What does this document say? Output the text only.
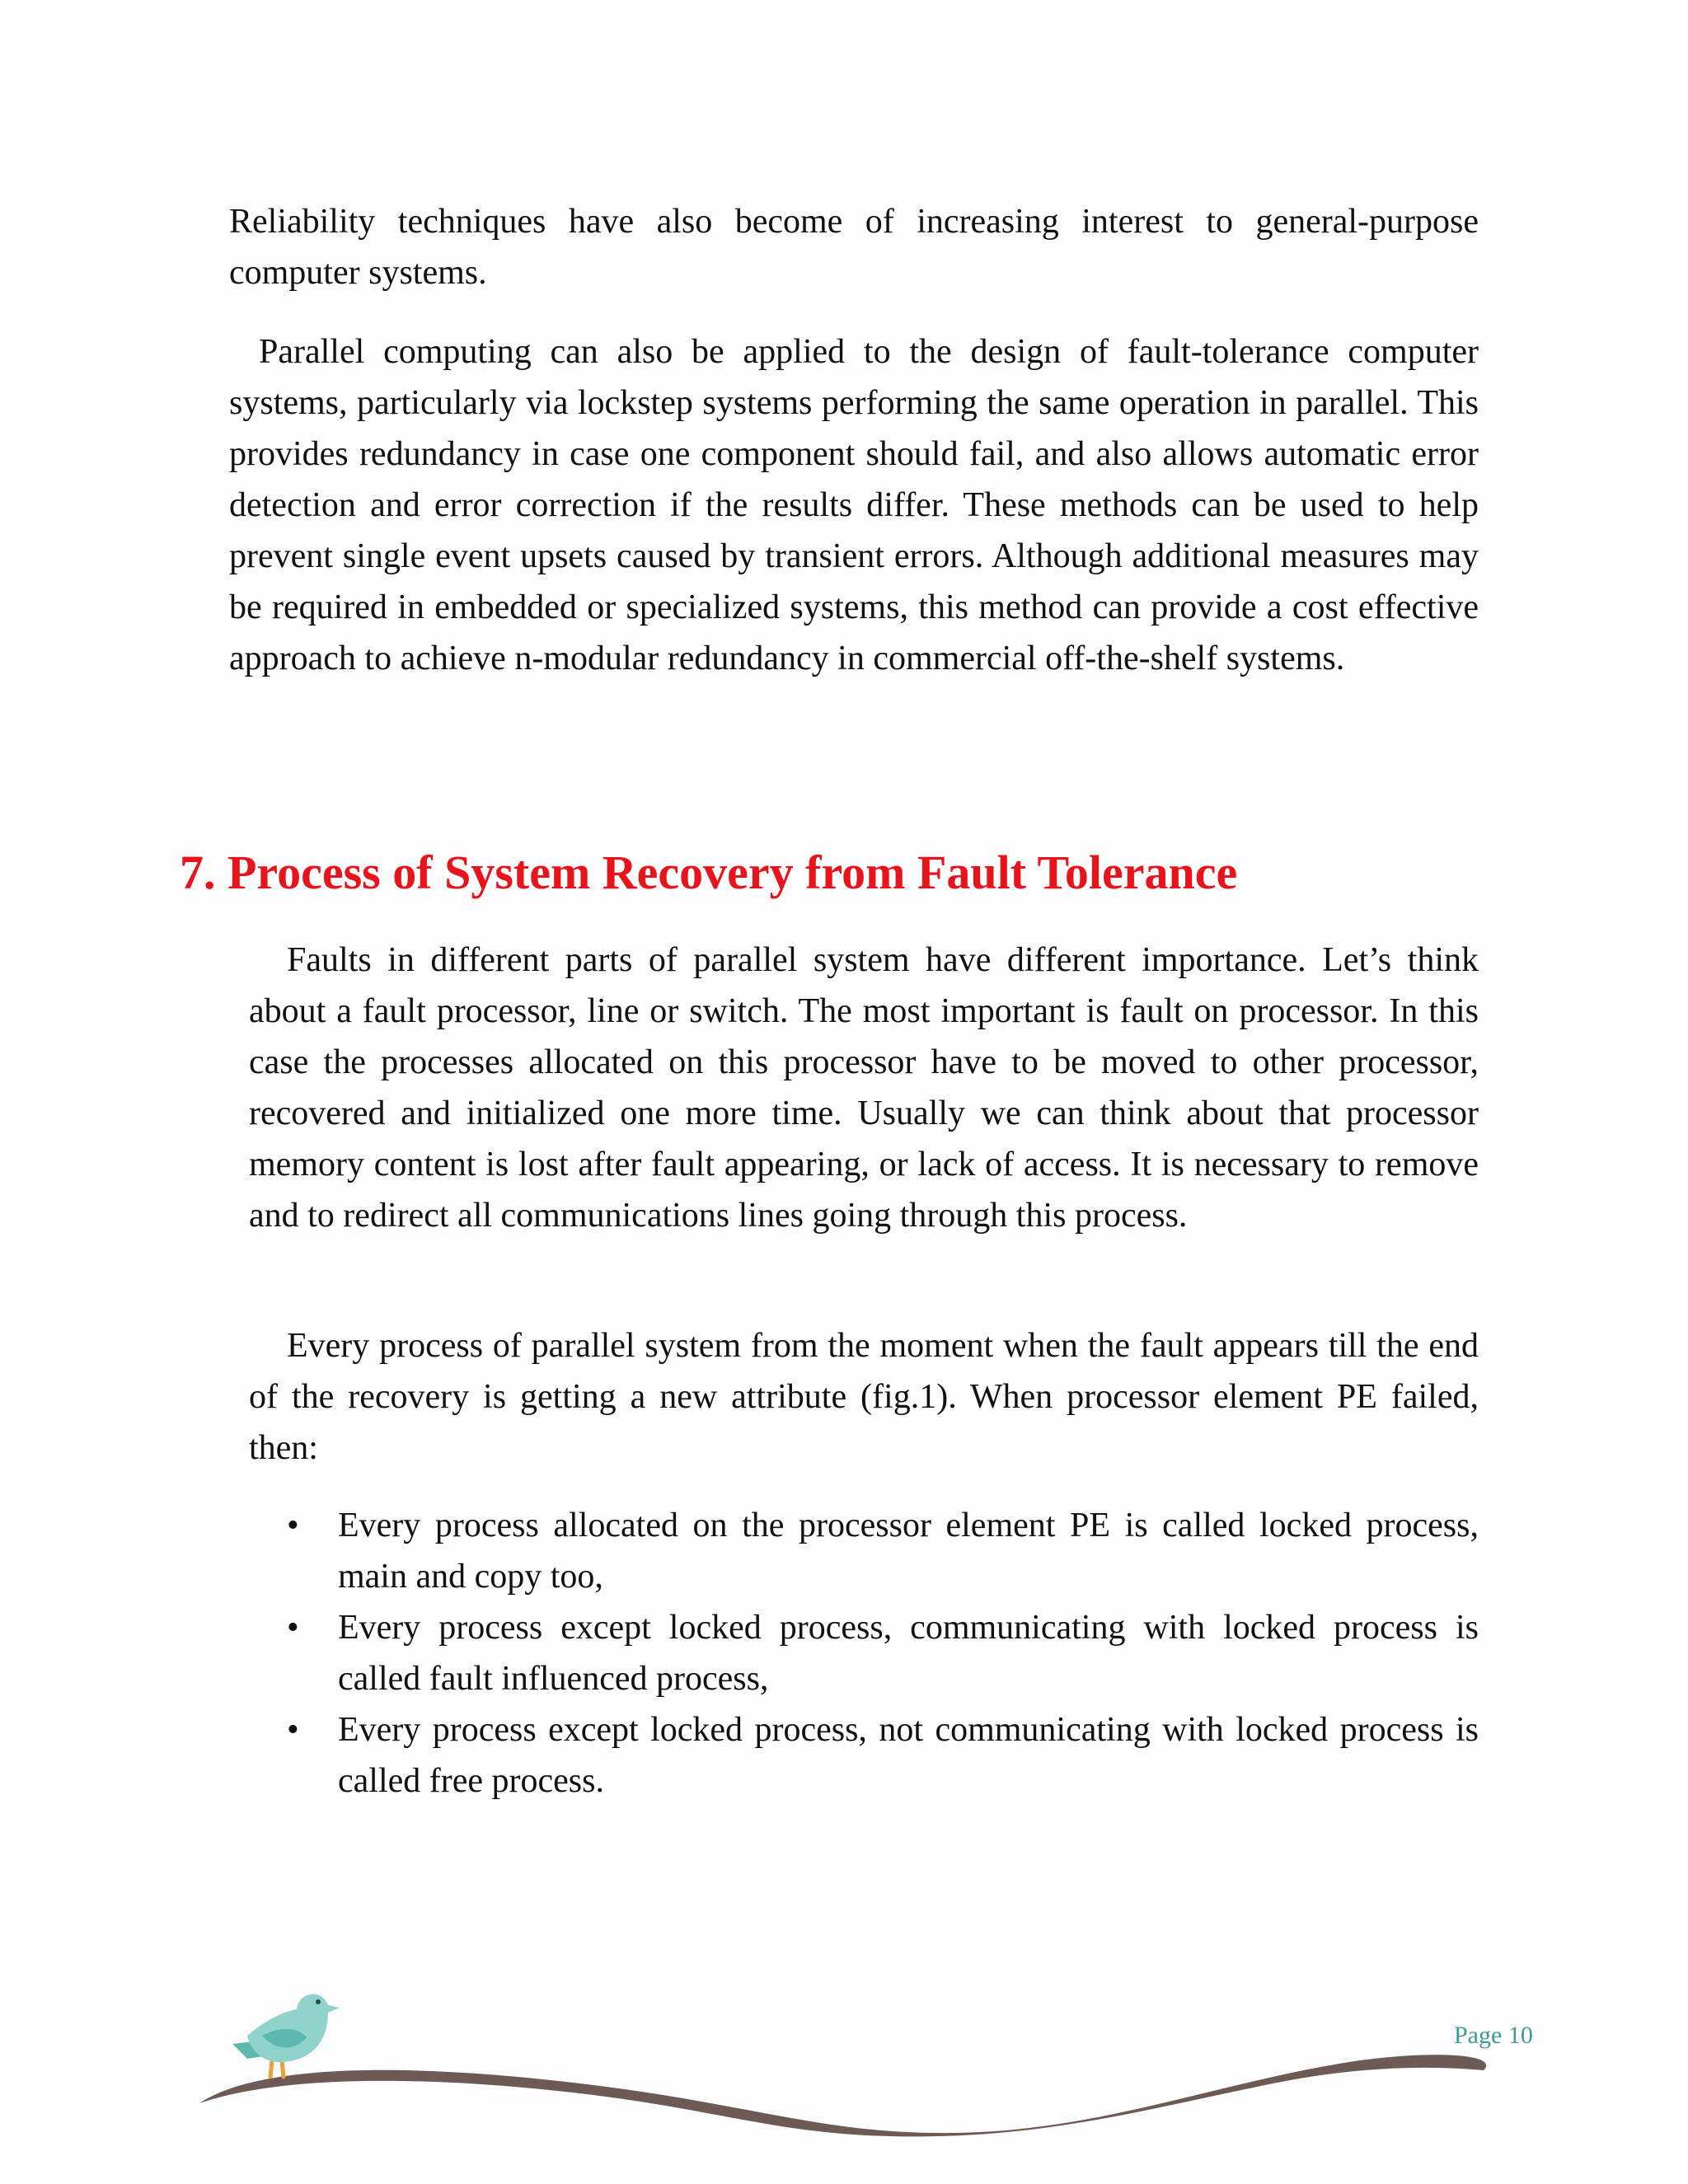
Reliability techniques have also become of increasing interest to general-purpose computer systems.

Parallel computing can also be applied to the design of fault-tolerance computer systems, particularly via lockstep systems performing the same operation in parallel. This provides redundancy in case one component should fail, and also allows automatic error detection and error correction if the results differ. These methods can be used to help prevent single event upsets caused by transient errors. Although additional measures may be required in embedded or specialized systems, this method can provide a cost effective approach to achieve n-modular redundancy in commercial off-the-shelf systems.

7. Process of System Recovery from Fault Tolerance

Faults in different parts of parallel system have different importance. Let’s think about a fault processor, line or switch. The most important is fault on processor. In this case the processes allocated on this processor have to be moved to other processor, recovered and initialized one more time. Usually we can think about that processor memory content is lost after fault appearing, or lack of access. It is necessary to remove and to redirect all communications lines going through this process.

Every process of parallel system from the moment when the fault appears till the end of the recovery is getting a new attribute (fig.1). When processor element PE failed, then:

• Every process allocated on the processor element PE is called locked process, main and copy too,
• Every process except locked process, communicating with locked process is called fault influenced process,
• Every process except locked process, not communicating with locked process is called free process.
Page 10
